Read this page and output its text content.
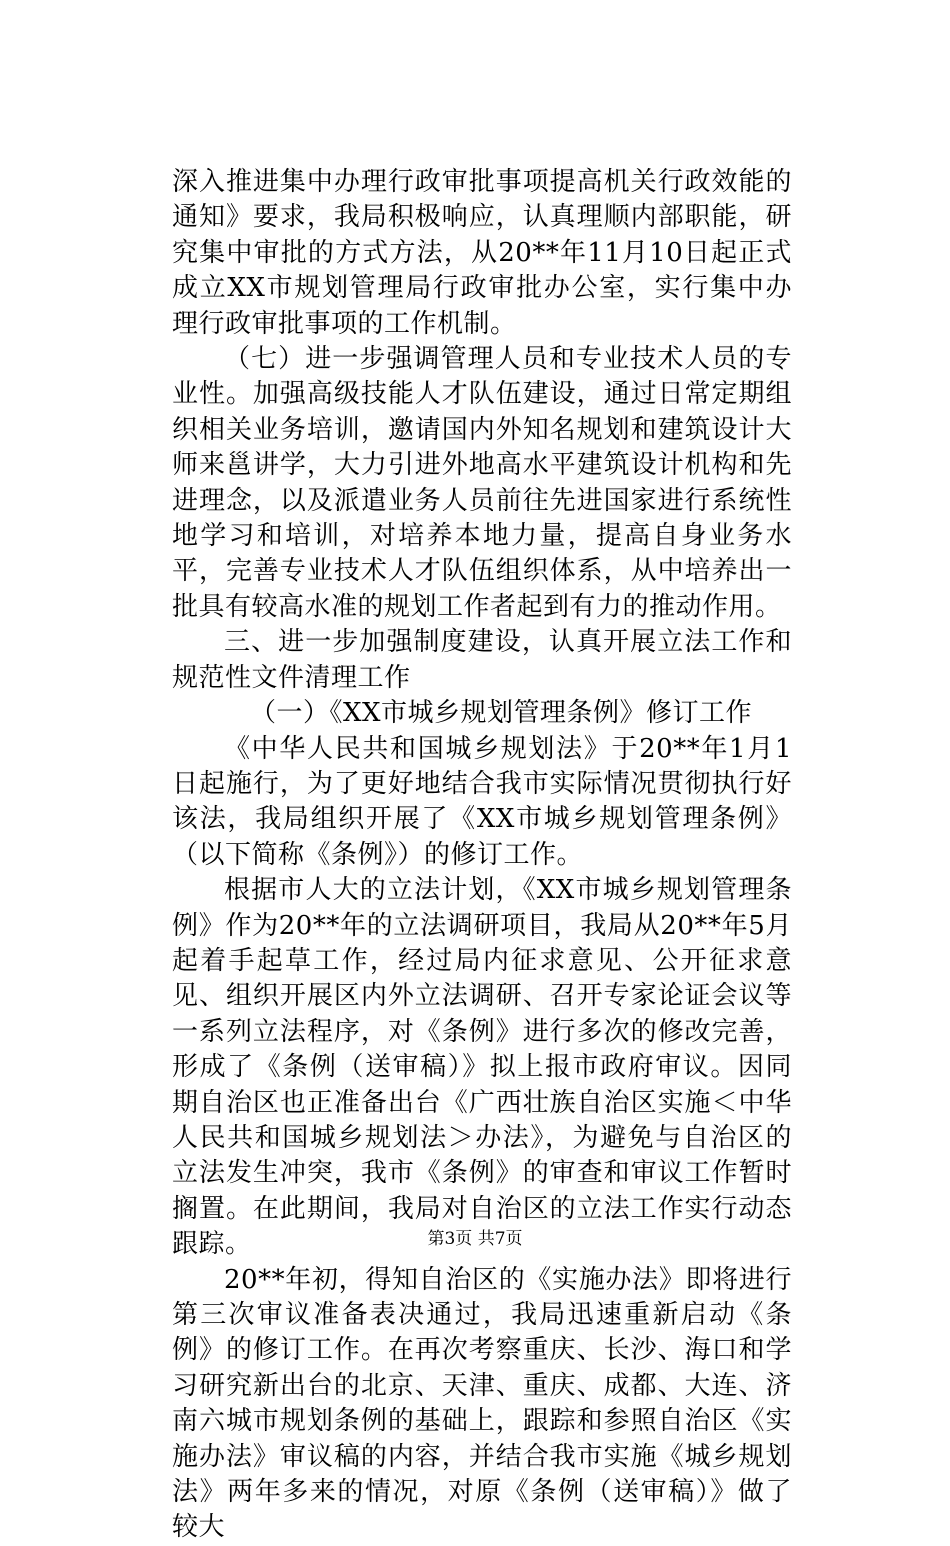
深入推进集中办理行政审批事项提高机关行政效能的通知》要求，我局积极响应，认真理顺内部职能，研究集中审批的方式方法，从20**年11月10日起正式成立XX市规划管理局行政审批办公室，实行集中办理行政审批事项的工作机制。

（七）进一步强调管理人员和专业技术人员的专业性。加强高级技能人才队伍建设，通过日常定期组织相关业务培训，邀请国内外知名规划和建筑设计大师来邕讲学，大力引进外地高水平建筑设计机构和先进理念，以及派遣业务人员前往先进国家进行系统性地学习和培训，对培养本地力量，提高自身业务水平，完善专业技术人才队伍组织体系，从中培养出一批具有较高水准的规划工作者起到有力的推动作用。

三、进一步加强制度建设，认真开展立法工作和规范性文件清理工作

（一）《XX市城乡规划管理条例》修订工作

《中华人民共和国城乡规划法》于20**年1月1日起施行，为了更好地结合我市实际情况贯彻执行好该法，我局组织开展了《XX市城乡规划管理条例》（以下简称《条例》）的修订工作。

根据市人大的立法计划，《XX市城乡规划管理条例》作为20**年的立法调研项目，我局从20**年5月起着手起草工作，经过局内征求意见、公开征求意见、组织开展区内外立法调研、召开专家论证会议等一系列立法程序，对《条例》进行多次的修改完善，形成了《条例（送审稿）》拟上报市政府审议。因同期自治区也正准备出台《广西壮族自治区实施＜中华人民共和国城乡规划法＞办法》，为避免与自治区的立法发生冲突，我市《条例》的审查和审议工作暂时搁置。在此期间，我局对自治区的立法工作实行动态跟踪。

20**年初，得知自治区的《实施办法》即将进行第三次审议准备表决通过，我局迅速重新启动《条例》的修订工作。在再次考察重庆、长沙、海口和学习研究新出台的北京、天津、重庆、成都、大连、济南六城市规划条例的基础上，跟踪和参照自治区《实施办法》审议稿的内容，并结合我市实施《城乡规划法》两年多来的情况，对原《条例（送审稿）》做了较大

第3页 共7页
